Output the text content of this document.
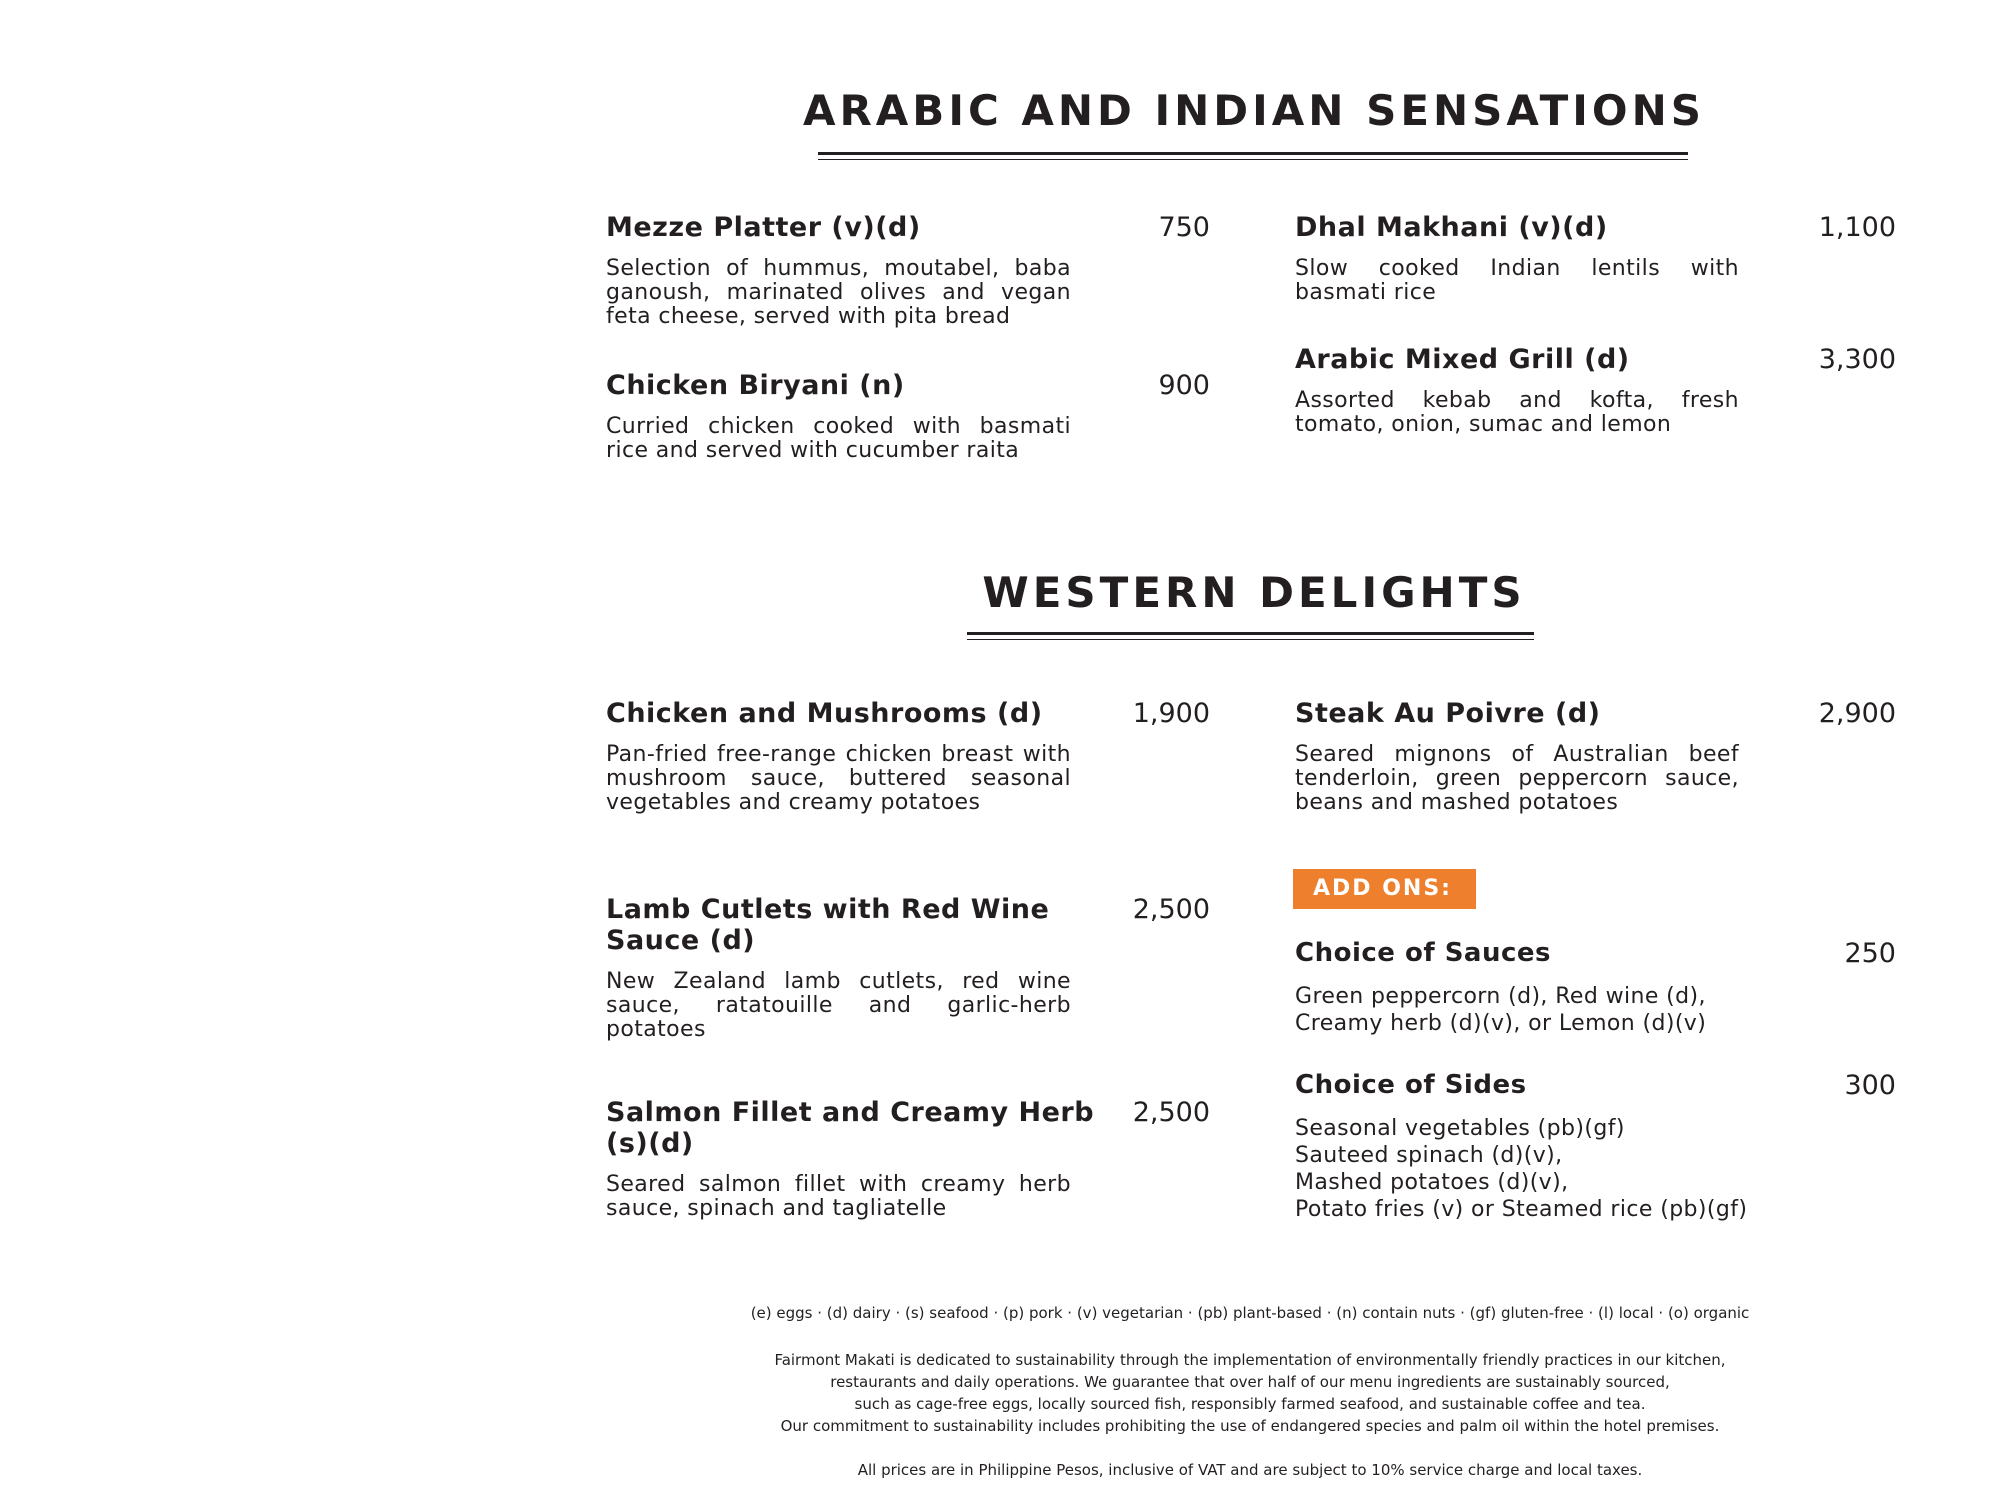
ARABIC AND INDIAN SENSATIONS
Mezze Platter (v)(d)	750
Selection of hummus, moutabel, baba ganoush, marinated olives and vegan feta cheese, served with pita bread
Chicken Biryani (n)	900
Curried chicken cooked with basmati rice and served with cucumber raita
Dhal Makhani (v)(d)	1,100
Slow cooked Indian lentils with basmati rice
Arabic Mixed Grill (d)	3,300
Assorted kebab and kofta, fresh tomato, onion, sumac and lemon
WESTERN DELIGHTS
Chicken and Mushrooms (d)	1,900
Pan-fried free-range chicken breast with mushroom sauce, buttered seasonal vegetables and creamy potatoes
Lamb Cutlets with Red Wine Sauce (d)
2,500
New Zealand lamb cutlets, red wine sauce, ratatouille and garlic-herb potatoes
Salmon Fillet and Creamy Herb (s)(d)
2,500
Seared salmon fillet with creamy herb sauce, spinach and tagliatelle
Steak Au Poivre (d)	2,900
Seared mignons of Australian beef tenderloin, green peppercorn sauce, beans and mashed potatoes
ADD ONS:
Choice of Sauces	250
Green peppercorn (d), Red wine (d),
Creamy herb (d)(v), or Lemon (d)(v)
Choice of Sides	300
Seasonal vegetables (pb)(gf)
Sauteed spinach (d)(v),
Mashed potatoes (d)(v),
Potato fries (v) or Steamed rice (pb)(gf)

(e) eggs · (d) dairy · (s) seafood · (p) pork · (v) vegetarian · (pb) plant-based · (n) contain nuts · (gf) gluten-free · (l) local · (o) organic

Fairmont Makati is dedicated to sustainability through the implementation of environmentally friendly practices in our kitchen,

restaurants and daily operations. We guarantee that over half of our menu ingredients are sustainably sourced,

such as cage-free eggs, locally sourced fish, responsibly farmed seafood, and sustainable coffee and tea.

Our commitment to sustainability includes prohibiting the use of endangered species and palm oil within the hotel premises.

All prices are in Philippine Pesos, inclusive of VAT and are subject to 10% service charge and local taxes.
